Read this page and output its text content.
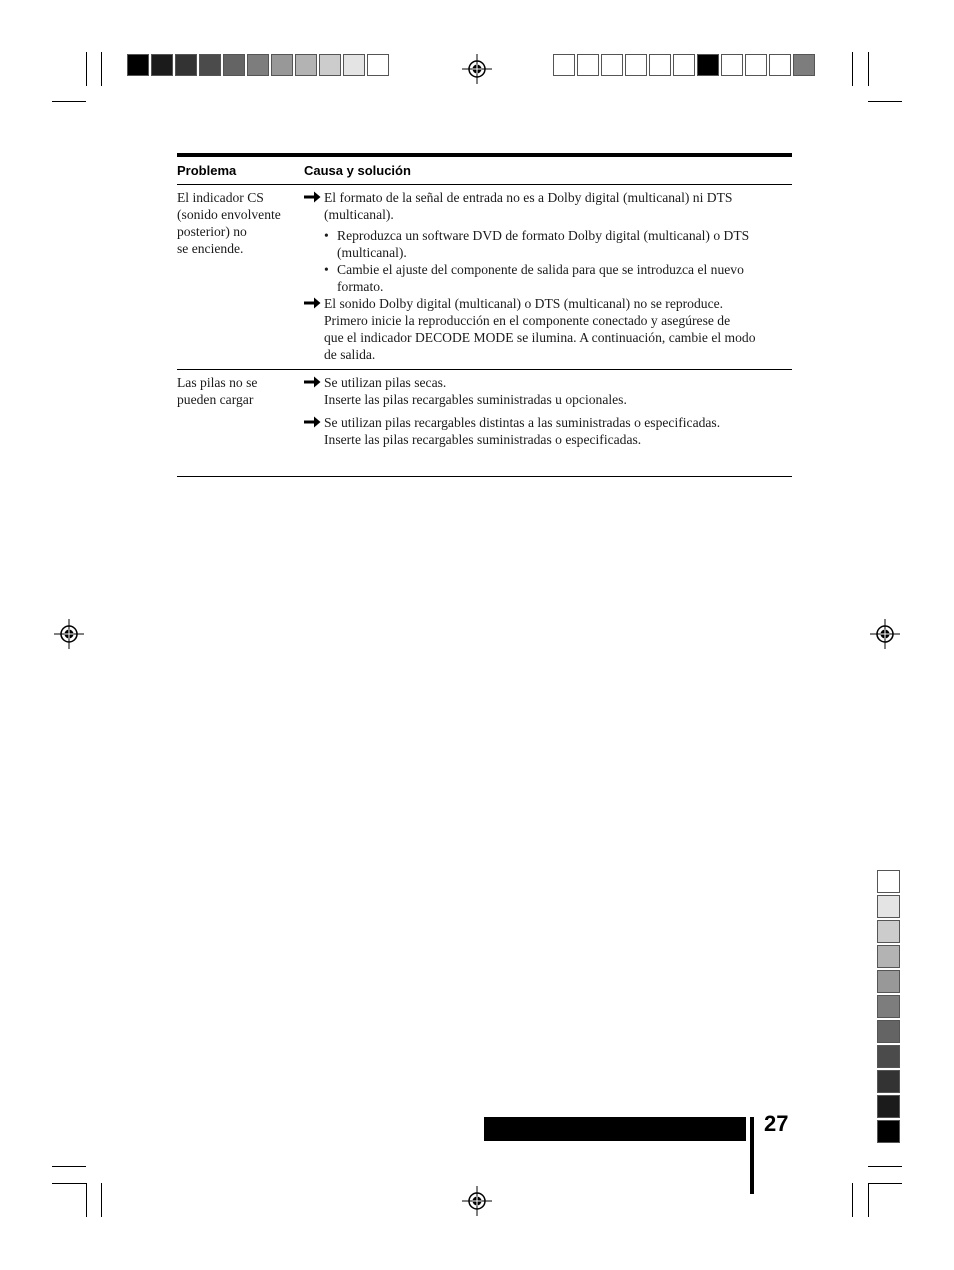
Problema	Causa y solución
El indicador CS
(sonido envolvente
posterior) no
se enciende.
El formato de la señal de entrada no es a Dolby digital (multicanal) ni DTS
(multicanal).
• Reproduzca un software DVD de formato Dolby digital (multicanal) o DTS
(multicanal).
• Cambie el ajuste del componente de salida para que se introduzca el nuevo
formato.
El sonido Dolby digital (multicanal) o DTS (multicanal) no se reproduce.
Primero inicie la reproducción en el componente conectado y asegúrese de
que el indicador DECODE MODE se ilumina. A continuación, cambie el modo
de salida.
Las pilas no se
pueden cargar
Se utilizan pilas secas.
Inserte las pilas recargables suministradas u opcionales.
Se utilizan pilas recargables distintas a las suministradas o especificadas.
Inserte las pilas recargables suministradas o especificadas.
27
